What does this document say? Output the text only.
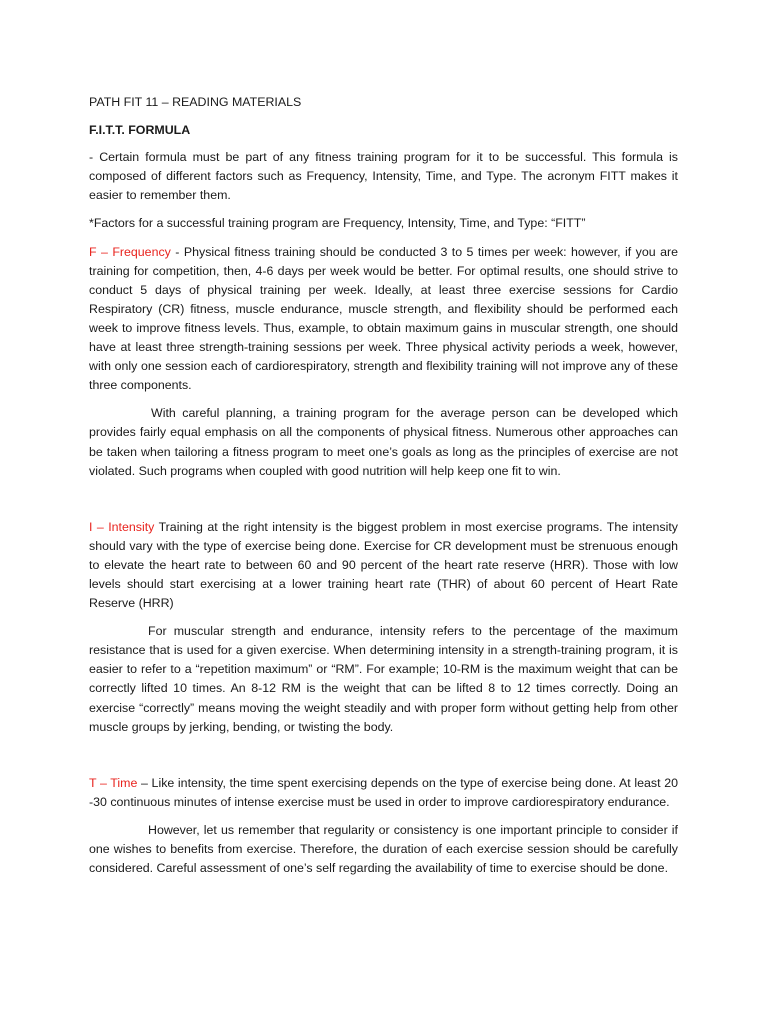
PATH FIT 11 – READING MATERIALS

F.I.T.T. FORMULA

- Certain formula must be part of any fitness training program for it to be successful. This formula is composed of different factors such as Frequency, Intensity, Time, and Type. The acronym FITT makes it easier to remember them.

*Factors for a successful training program are Frequency, Intensity, Time, and Type: “FITT”

F – Frequency - Physical fitness training should be conducted 3 to 5 times per week: however, if you are training for competition, then, 4-6 days per week would be better. For optimal results, one should strive to conduct 5 days of physical training per week. Ideally, at least three exercise sessions for Cardio Respiratory (CR) fitness, muscle endurance, muscle strength, and flexibility should be performed each week to improve fitness levels. Thus, example, to obtain maximum gains in muscular strength, one should have at least three strength-training sessions per week. Three physical activity periods a week, however, with only one session each of cardiorespiratory, strength and flexibility training will not improve any of these three components.

With careful planning, a training program for the average person can be developed which provides fairly equal emphasis on all the components of physical fitness. Numerous other approaches can be taken when tailoring a fitness program to meet one’s goals as long as the principles of exercise are not violated. Such programs when coupled with good nutrition will help keep one fit to win.

I – Intensity Training at the right intensity is the biggest problem in most exercise programs. The intensity should vary with the type of exercise being done. Exercise for CR development must be strenuous enough to elevate the heart rate to between 60 and 90 percent of the heart rate reserve (HRR). Those with low levels should start exercising at a lower training heart rate (THR) of about 60 percent of Heart Rate Reserve (HRR)

For muscular strength and endurance, intensity refers to the percentage of the maximum resistance that is used for a given exercise. When determining intensity in a strength-training program, it is easier to refer to a “repetition maximum” or “RM”. For example; 10-RM is the maximum weight that can be correctly lifted 10 times. An 8-12 RM is the weight that can be lifted 8 to 12 times correctly. Doing an exercise “correctly” means moving the weight steadily and with proper form without getting help from other muscle groups by jerking, bending, or twisting the body.

T – Time – Like intensity, the time spent exercising depends on the type of exercise being done. At least 20 -30 continuous minutes of intense exercise must be used in order to improve cardiorespiratory endurance.

However, let us remember that regularity or consistency is one important principle to consider if one wishes to benefits from exercise. Therefore, the duration of each exercise session should be carefully considered. Careful assessment of one’s self regarding the availability of time to exercise should be done.
